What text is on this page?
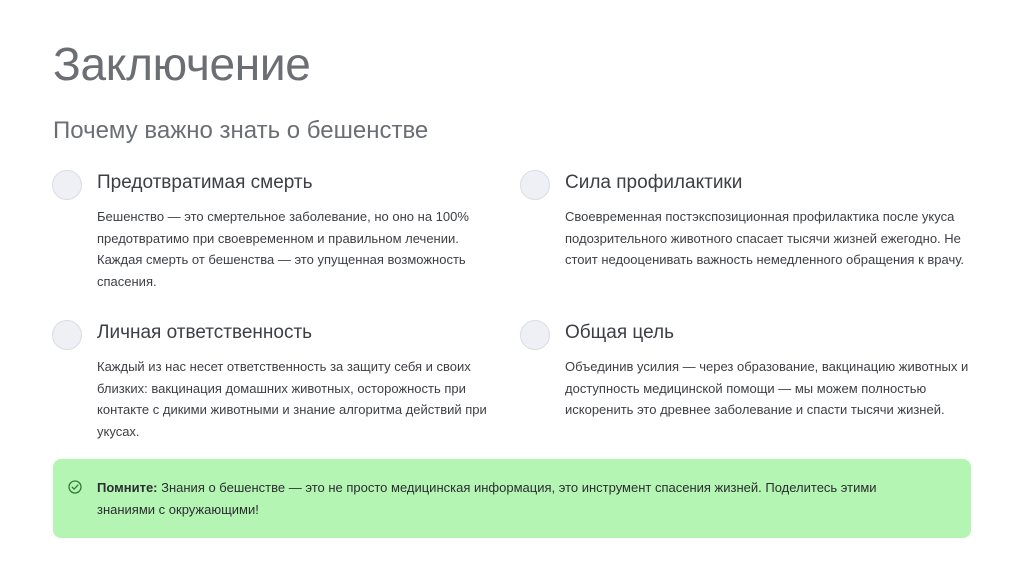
Заключение
Почему важно знать о бешенстве
Предотвратимая смерть
Бешенство — это смертельное заболевание, но оно на 100% предотвратимо при своевременном и правильном лечении. Каждая смерть от бешенства — это упущенная возможность спасения.
Сила профилактики
Своевременная постэкспозиционная профилактика после укуса подозрительного животного спасает тысячи жизней ежегодно. Не стоит недооценивать важность немедленного обращения к врачу.
Личная ответственность
Каждый из нас несет ответственность за защиту себя и своих близких: вакцинация домашних животных, осторожность при контакте с дикими животными и знание алгоритма действий при укусах.
Общая цель
Объединив усилия — через образование, вакцинацию животных и доступность медицинской помощи — мы можем полностью искоренить это древнее заболевание и спасти тысячи жизней.
Помните: Знания о бешенстве — это не просто медицинская информация, это инструмент спасения жизней. Поделитесь этими знаниями с окружающими!
